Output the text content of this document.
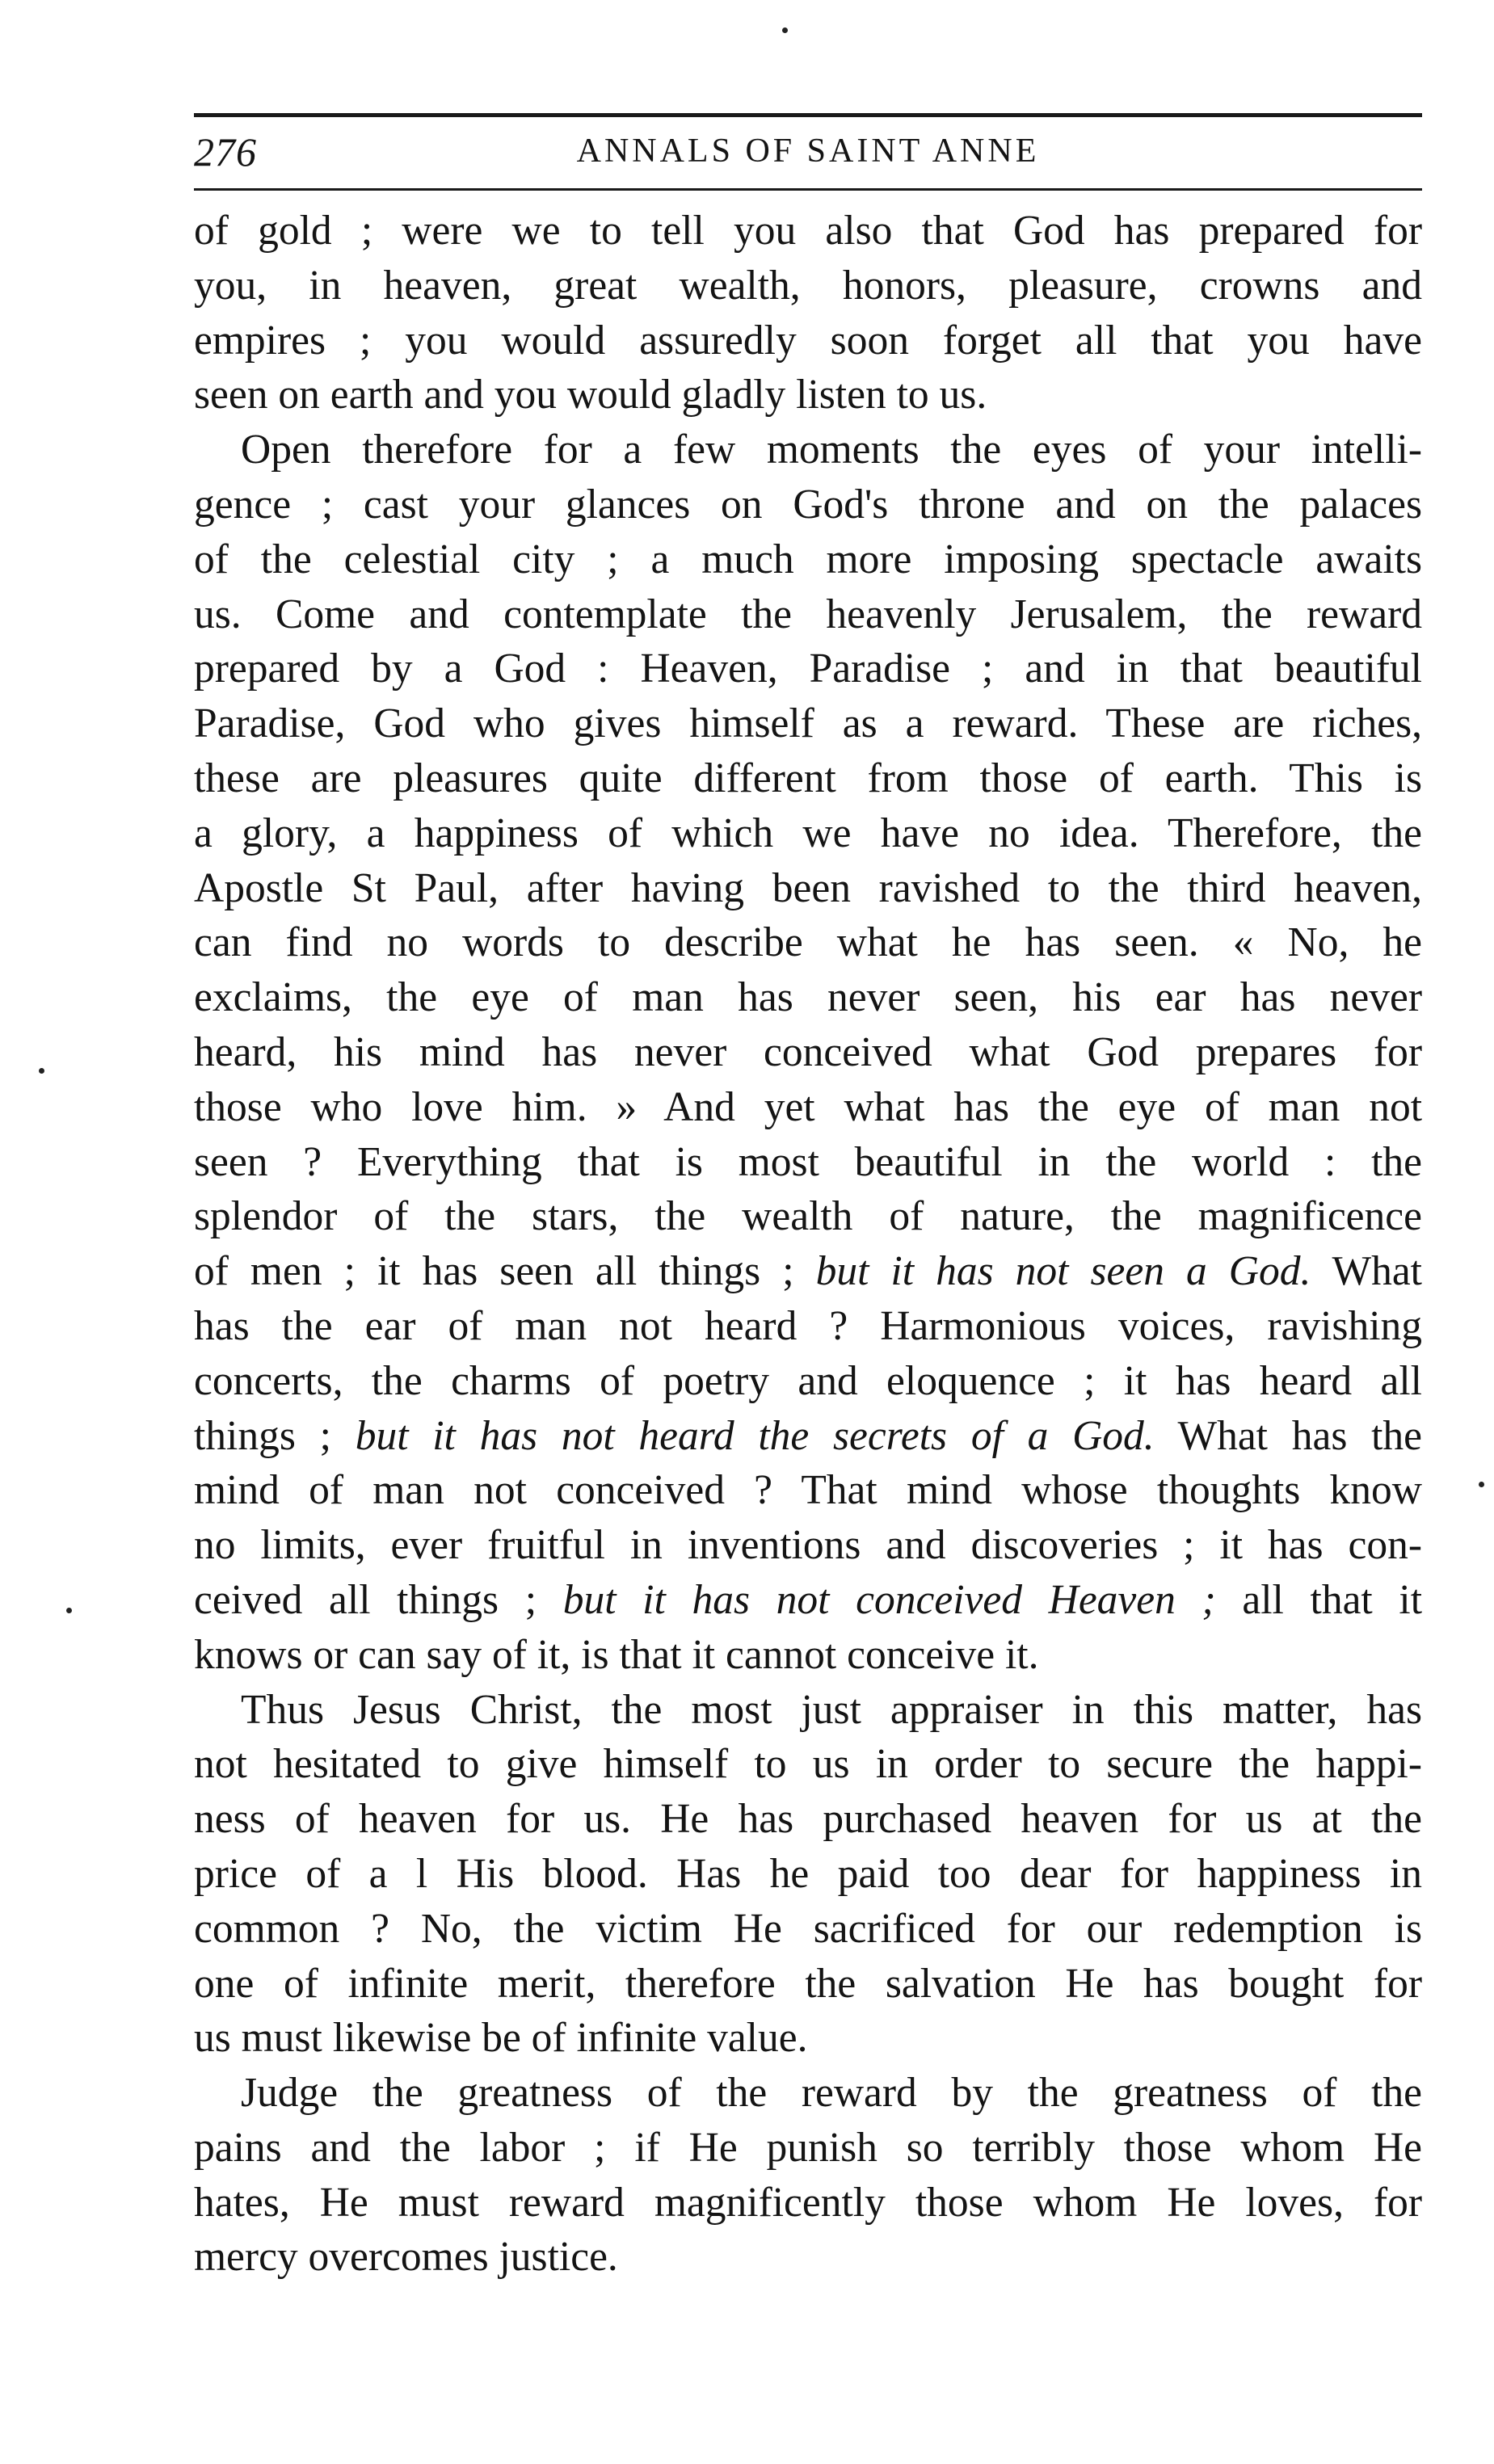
276	ANNALS OF SAINT ANNE

of gold ; were we to tell you also that God has prepared for
you, in heaven, great wealth, honors, pleasure, crowns and
empires ; you would assuredly soon forget all that you have
seen on earth and you would gladly listen to us.

Open therefore for a few moments the eyes of your intelli-
gence ; cast your glances on God's throne and on the palaces
of the celestial city ; a much more imposing spectacle awaits
us. Come and contemplate the heavenly Jerusalem, the reward
prepared by a God : Heaven, Paradise ; and in that beautiful
Paradise, God who gives himself as a reward. These are riches,
these are pleasures quite different from those of earth. This is
a glory, a happiness of which we have no idea. Therefore, the
Apostle St Paul, after having been ravished to the third heaven,
can find no words to describe what he has seen. « No, he
exclaims, the eye of man has never seen, his ear has never
heard, his mind has never conceived what God prepares for
those who love him. » And yet what has the eye of man not
seen ? Everything that is most beautiful in the world : the
splendor of the stars, the wealth of nature, the magnificence
of men ; it has seen all things ; but it has not seen a God. What
has the ear of man not heard ? Harmonious voices, ravishing
concerts, the charms of poetry and eloquence ; it has heard all
things ; but it has not heard the secrets of a God. What has the
mind of man not conceived ? That mind whose thoughts know
no limits, ever fruitful in inventions and discoveries ; it has con-
ceived all things ; but it has not conceived Heaven ; all that it
knows or can say of it, is that it cannot conceive it.

Thus Jesus Christ, the most just appraiser in this matter, has
not hesitated to give himself to us in order to secure the happi-
ness of heaven for us. He has purchased heaven for us at the
price of a l His blood. Has he paid too dear for happiness in
common ? No, the victim He sacrificed for our redemption is
one of infinite merit, therefore the salvation He has bought for
us must likewise be of infinite value.

Judge the greatness of the reward by the greatness of the
pains and the labor ; if He punish so terribly those whom He
hates, He must reward magnificently those whom He loves, for
mercy overcomes justice.
